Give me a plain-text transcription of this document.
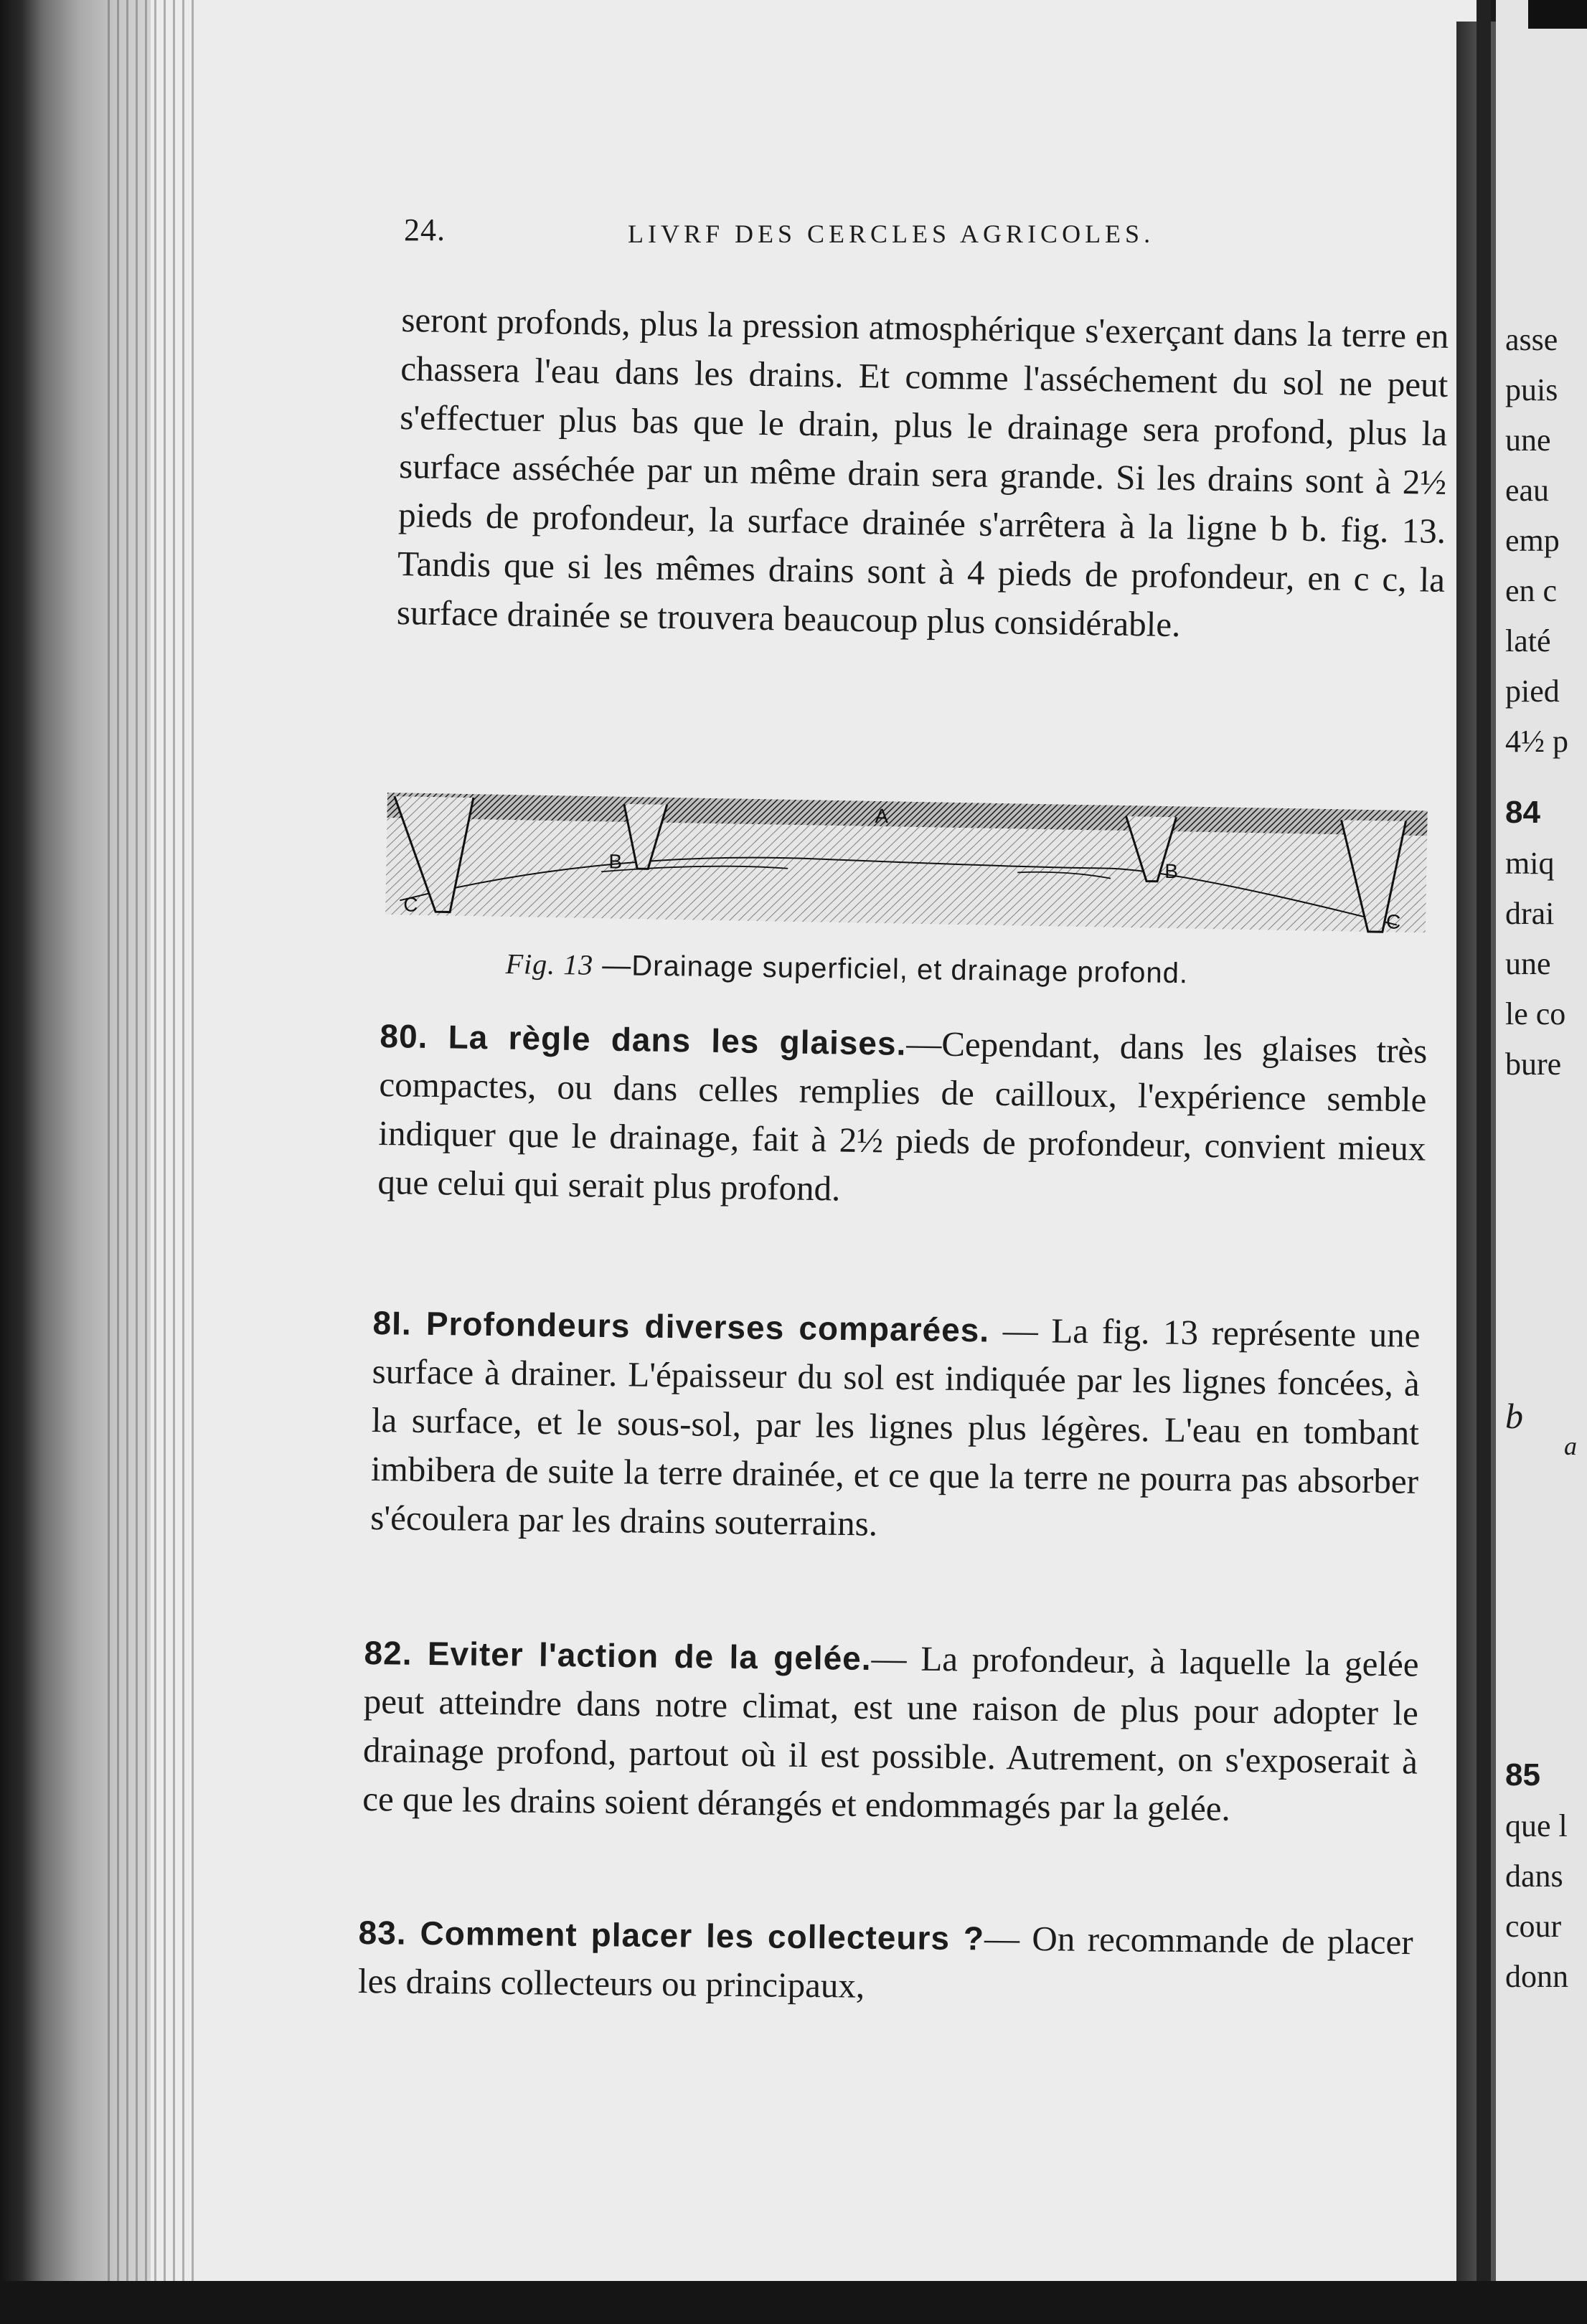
24.	LIVRF DES CERCLES AGRICOLES.

seront profonds, plus la pression atmosphérique s'exerçant dans la terre en chassera l'eau dans les drains. Et comme l'asséchement du sol ne peut s'effectuer plus bas que le drain, plus le drainage sera profond, plus la surface asséchée par un même drain sera grande. Si les drains sont à 2½ pieds de profondeur, la surface drainée s'arrêtera à la ligne b b. fig. 13. Tandis que si les mêmes drains sont à 4 pieds de profondeur, en c c, la surface drainée se trouvera beaucoup plus considérable.

A
B	B
C
C
Fig. 13 —Drainage superficiel, et drainage profond.

80. La règle dans les glaises.—Cependant, dans les glaises très compactes, ou dans celles remplies de cailloux, l'expérience semble indiquer que le drainage, fait à 2½ pieds de profondeur, convient mieux que celui qui serait plus profond.

8I. Profondeurs diverses comparées. — La fig. 13 représente une surface à drainer. L'épaisseur du sol est indiquée par les lignes foncées, à la surface, et le sous-sol, par les lignes plus légères. L'eau en tombant imbibera de suite la terre drainée, et ce que la terre ne pourra pas absorber s'écoulera par les drains souterrains.

82. Eviter l'action de la gelée.— La profondeur, à laquelle la gelée peut atteindre dans notre climat, est une raison de plus pour adopter le drainage profond, partout où il est possible. Autrement, on s'exposerait à ce que les drains soient dérangés et endommagés par la gelée.

83. Comment placer les collecteurs ?— On recommande de placer les drains collecteurs ou principaux,

asse
puis
une
eau
emp
en c
laté
pied
4½ p
84
miq
drai
une
le co
bure
b
a
85
que l
dans
cour
donn
